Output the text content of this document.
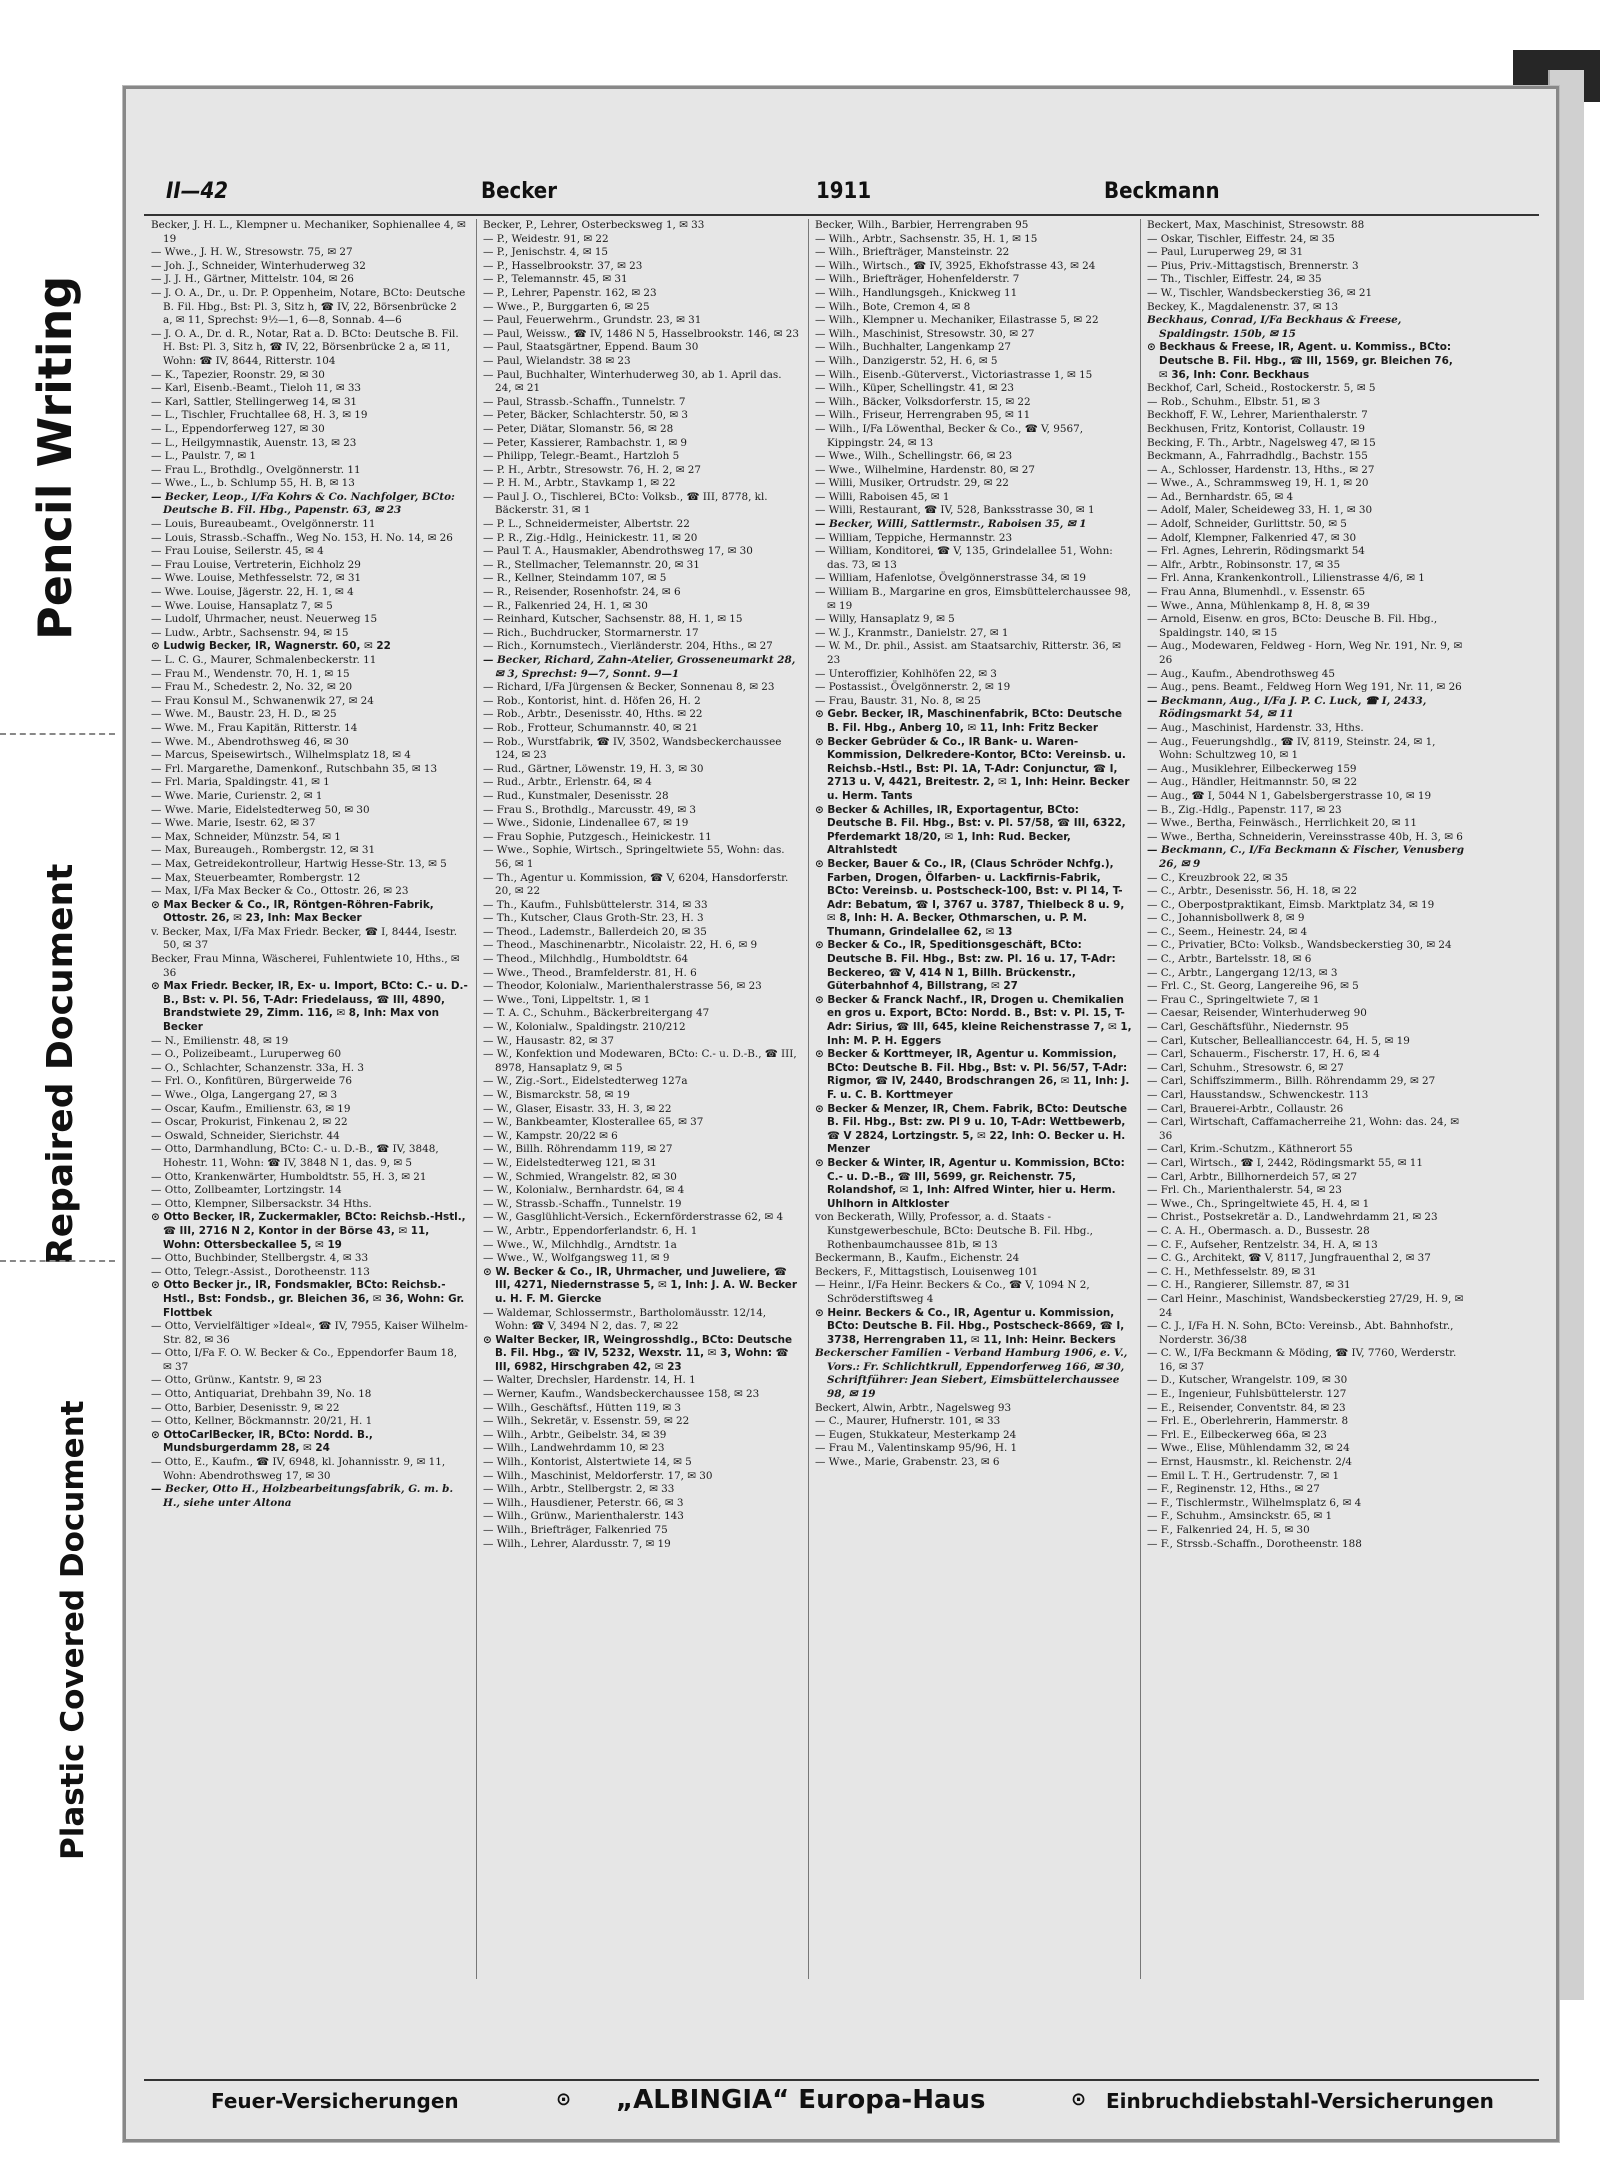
Pencil Writing
Repaired Document
Plastic Covered Document
II—42	Becker	1911	Beckmann

Becker, J. H. L., Klempner u. Mechaniker, Sophienallee 4, ✉ 19

— Wwe., J. H. W., Stresowstr. 75, ✉ 27

— Joh. J., Schneider, Winterhuderweg 32

— J. J. H., Gärtner, Mittelstr. 104, ✉ 26

— J. O. A., Dr., u. Dr. P. Oppenheim, Notare, BCto: Deutsche B. Fil. Hbg., Bst: Pl. 3, Sitz h, ☎ IV, 22, Börsenbrücke 2 a, ✉ 11, Sprechst: 9½—1, 6—8, Sonnab. 4—6

— J. O. A., Dr. d. R., Notar, Rat a. D. BCto: Deutsche B. Fil. H. Bst: Pl. 3, Sitz h, ☎ IV, 22, Börsenbrücke 2 a, ✉ 11, Wohn: ☎ IV, 8644, Ritterstr. 104

— K., Tapezier, Roonstr. 29, ✉ 30

— Karl, Eisenb.-Beamt., Tieloh 11, ✉ 33

— Karl, Sattler, Stellingerweg 14, ✉ 31

— L., Tischler, Fruchtallee 68, H. 3, ✉ 19

— L., Eppendorferweg 127, ✉ 30

— L., Heilgymnastik, Auenstr. 13, ✉ 23

— L., Paulstr. 7, ✉ 1

— Frau L., Brothdlg., Ovelgönnerstr. 11

— Wwe., L., b. Schlump 55, H. B, ✉ 13

— Becker, Leop., I/Fa Kohrs & Co. Nachfolger, BCto: Deutsche B. Fil. Hbg., Papenstr. 63, ✉ 23

— Louis, Bureaubeamt., Ovelgönnerstr. 11

— Louis, Strassb.-Schaffn., Weg No. 153, H. No. 14, ✉ 26

— Frau Louise, Seilerstr. 45, ✉ 4

— Frau Louise, Vertreterin, Eichholz 29

— Wwe. Louise, Methfesselstr. 72, ✉ 31

— Wwe. Louise, Jägerstr. 22, H. 1, ✉ 4

— Wwe. Louise, Hansaplatz 7, ✉ 5

— Ludolf, Uhrmacher, neust. Neuerweg 15

— Ludw., Arbtr., Sachsenstr. 94, ✉ 15

⊙ Ludwig Becker, IR, Wagnerstr. 60, ✉ 22

— L. C. G., Maurer, Schmalenbeckerstr. 11

— Frau M., Wendenstr. 70, H. 1, ✉ 15

— Frau M., Schedestr. 2, No. 32, ✉ 20

— Frau Konsul M., Schwanenwik 27, ✉ 24

— Wwe. M., Baustr. 23, H. D., ✉ 25

— Wwe. M., Frau Kapitän, Ritterstr. 14

— Wwe. M., Abendrothsweg 46, ✉ 30

— Marcus, Speisewirtsch., Wilhelmsplatz 18, ✉ 4

— Frl. Margarethe, Damenkonf., Rutschbahn 35, ✉ 13

— Frl. Maria, Spaldingstr. 41, ✉ 1

— Wwe. Marie, Curienstr. 2, ✉ 1

— Wwe. Marie, Eidelstedterweg 50, ✉ 30

— Wwe. Marie, Isestr. 62, ✉ 37

— Max, Schneider, Münzstr. 54, ✉ 1

— Max, Bureaugeh., Rombergstr. 12, ✉ 31

— Max, Getreidekontrolleur, Hartwig Hesse-Str. 13, ✉ 5

— Max, Steuerbeamter, Rombergstr. 12

— Max, I/Fa Max Becker & Co., Ottostr. 26, ✉ 23

⊙ Max Becker & Co., IR, Röntgen-Röhren-Fabrik, Ottostr. 26, ✉ 23, Inh: Max Becker

v. Becker, Max, I/Fa Max Friedr. Becker, ☎ I, 8444, Isestr. 50, ✉ 37

Becker, Frau Minna, Wäscherei, Fuhlentwiete 10, Hths., ✉ 36

⊙ Max Friedr. Becker, IR, Ex- u. Import, BCto: C.- u. D.-B., Bst: v. Pl. 56, T-Adr: Friedelauss, ☎ III, 4890, Brandstwiete 29, Zimm. 116, ✉ 8, Inh: Max von Becker

— N., Emilienstr. 48, ✉ 19

— O., Polizeibeamt., Luruperweg 60

— O., Schlachter, Schanzenstr. 33a, H. 3

— Frl. O., Konfitüren, Bürgerweide 76

— Wwe., Olga, Langergang 27, ✉ 3

— Oscar, Kaufm., Emilienstr. 63, ✉ 19

— Oscar, Prokurist, Finkenau 2, ✉ 22

— Oswald, Schneider, Sierichstr. 44

— Otto, Darmhandlung, BCto: C.- u. D.-B., ☎ IV, 3848, Hohestr. 11, Wohn: ☎ IV, 3848 N 1, das. 9, ✉ 5

— Otto, Krankenwärter, Humboldtstr. 55, H. 3, ✉ 21

— Otto, Zollbeamter, Lortzingstr. 14

— Otto, Klempner, Silbersackstr. 34 Hths.

⊙ Otto Becker, IR, Zuckermakler, BCto: Reichsb.-Hstl., ☎ III, 2716 N 2, Kontor in der Börse 43, ✉ 11, Wohn: Ottersbeckallee 5, ✉ 19

— Otto, Buchbinder, Stellbergstr. 4, ✉ 33

— Otto, Telegr.-Assist., Dorotheenstr. 113

⊙ Otto Becker jr., IR, Fondsmakler, BCto: Reichsb.-Hstl., Bst: Fondsb., gr. Bleichen 36, ✉ 36, Wohn: Gr. Flottbek

— Otto, Vervielfältiger »Ideal«, ☎ IV, 7955, Kaiser Wilhelm-Str. 82, ✉ 36

— Otto, I/Fa F. O. W. Becker & Co., Eppendorfer Baum 18, ✉ 37

— Otto, Grünw., Kantstr. 9, ✉ 23

— Otto, Antiquariat, Drehbahn 39, No. 18

— Otto, Barbier, Desenisstr. 9, ✉ 22

— Otto, Kellner, Böckmannstr. 20/21, H. 1

⊙ OttoCarlBecker, IR, BCto: Nordd. B., Mundsburgerdamm 28, ✉ 24

— Otto, E., Kaufm., ☎ IV, 6948, kl. Johannisstr. 9, ✉ 11, Wohn: Abendrothsweg 17, ✉ 30

— Becker, Otto H., Holzbearbeitungsfabrik, G. m. b. H., siehe unter Altona

Becker, P., Lehrer, Osterbecksweg 1, ✉ 33

— P., Weidestr. 91, ✉ 22

— P., Jenischstr. 4, ✉ 15

— P., Hasselbrookstr. 37, ✉ 23

— P., Telemannstr. 45, ✉ 31

— P., Lehrer, Papenstr. 162, ✉ 23

— Wwe., P., Burggarten 6, ✉ 25

— Paul, Feuerwehrm., Grundstr. 23, ✉ 31

— Paul, Weissw., ☎ IV, 1486 N 5, Hasselbrookstr. 146, ✉ 23

— Paul, Staatsgärtner, Eppend. Baum 30

— Paul, Wielandstr. 38 ✉ 23

— Paul, Buchhalter, Winterhuderweg 30, ab 1. April das. 24, ✉ 21

— Paul, Strassb.-Schaffn., Tunnelstr. 7

— Peter, Bäcker, Schlachterstr. 50, ✉ 3

— Peter, Diätar, Slomanstr. 56, ✉ 28

— Peter, Kassierer, Rambachstr. 1, ✉ 9

— Philipp, Telegr.-Beamt., Hartzloh 5

— P. H., Arbtr., Stresowstr. 76, H. 2, ✉ 27

— P. H. M., Arbtr., Stavkamp 1, ✉ 22

— Paul J. O., Tischlerei, BCto: Volksb., ☎ III, 8778, kl. Bäckerstr. 31, ✉ 1

— P. L., Schneidermeister, Albertstr. 22

— P. R., Zig.-Hdlg., Heinickestr. 11, ✉ 20

— Paul T. A., Hausmakler, Abendrothsweg 17, ✉ 30

— R., Stellmacher, Telemannstr. 20, ✉ 31

— R., Kellner, Steindamm 107, ✉ 5

— R., Reisender, Rosenhofstr. 24, ✉ 6

— R., Falkenried 24, H. 1, ✉ 30

— Reinhard, Kutscher, Sachsenstr. 88, H. 1, ✉ 15

— Rich., Buchdrucker, Stormarnerstr. 17

— Rich., Kornumstech., Vierländerstr. 204, Hths., ✉ 27

— Becker, Richard, Zahn-Atelier, Grosseneumarkt 28, ✉ 3, Sprechst: 9—7, Sonnt. 9—1

— Richard, I/Fa Jürgensen & Becker, Sonnenau 8, ✉ 23

— Rob., Kontorist, hint. d. Höfen 26, H. 2

— Rob., Arbtr., Desenisstr. 40, Hths. ✉ 22

— Rob., Frotteur, Schumannstr. 40, ✉ 21

— Rob., Wurstfabrik, ☎ IV, 3502, Wandsbeckerchaussee 124, ✉ 23

— Rud., Gärtner, Löwenstr. 19, H. 3, ✉ 30

— Rud., Arbtr., Erlenstr. 64, ✉ 4

— Rud., Kunstmaler, Desenisstr. 28

— Frau S., Brothdlg., Marcusstr. 49, ✉ 3

— Wwe., Sidonie, Lindenallee 67, ✉ 19

— Frau Sophie, Putzgesch., Heinickestr. 11

— Wwe., Sophie, Wirtsch., Springeltwiete 55, Wohn: das. 56, ✉ 1

— Th., Agentur u. Kommission, ☎ V, 6204, Hansdorferstr. 20, ✉ 22

— Th., Kaufm., Fuhlsbüttelerstr. 314, ✉ 33

— Th., Kutscher, Claus Groth-Str. 23, H. 3

— Theod., Lademstr., Ballerdeich 20, ✉ 35

— Theod., Maschinenarbtr., Nicolaistr. 22, H. 6, ✉ 9

— Theod., Milchhdlg., Humboldtstr. 64

— Wwe., Theod., Bramfelderstr. 81, H. 6

— Theodor, Kolonialw., Marienthalerstrasse 56, ✉ 23

— Wwe., Toni, Lippeltstr. 1, ✉ 1

— T. A. C., Schuhm., Bäckerbreitergang 47

— W., Kolonialw., Spaldingstr. 210/212

— W., Hausastr. 82, ✉ 37

— W., Konfektion und Modewaren, BCto: C.- u. D.-B., ☎ III, 8978, Hansaplatz 9, ✉ 5

— W., Zig.-Sort., Eidelstedterweg 127a

— W., Bismarckstr. 58, ✉ 19

— W., Glaser, Eisastr. 33, H. 3, ✉ 22

— W., Bankbeamter, Klosterallee 65, ✉ 37

— W., Kampstr. 20/22 ✉ 6

— W., Billh. Röhrendamm 119, ✉ 27

— W., Eidelstedterweg 121, ✉ 31

— W., Schmied, Wrangelstr. 82, ✉ 30

— W., Kolonialw., Bernhardstr. 64, ✉ 4

— W., Strassb.-Schaffn., Tunnelstr. 19

— W., Gasglühlicht-Versich., Eckernförderstrasse 62, ✉ 4

— W., Arbtr., Eppendorferlandstr. 6, H. 1

— Wwe., W., Milchhdlg., Arndtstr. 1a

— Wwe., W., Wolfgangsweg 11, ✉ 9

⊙ W. Becker & Co., IR, Uhrmacher, und Juweliere, ☎ III, 4271, Niedernstrasse 5, ✉ 1, Inh: J. A. W. Becker u. H. F. M. Giercke

— Waldemar, Schlossermstr., Bartholomäusstr. 12/14, Wohn: ☎ V, 3494 N 2, das. 7, ✉ 22

⊙ Walter Becker, IR, Weingrosshdlg., BCto: Deutsche B. Fil. Hbg., ☎ IV, 5232, Wexstr. 11, ✉ 3, Wohn: ☎ III, 6982, Hirschgraben 42, ✉ 23

— Walter, Drechsler, Hardenstr. 14, H. 1

— Werner, Kaufm., Wandsbeckerchaussee 158, ✉ 23

— Wilh., Geschäftsf., Hütten 119, ✉ 3

— Wilh., Sekretär, v. Essenstr. 59, ✉ 22

— Wilh., Arbtr., Geibelstr. 34, ✉ 39

— Wilh., Landwehrdamm 10, ✉ 23

— Wilh., Kontorist, Alstertwiete 14, ✉ 5

— Wilh., Maschinist, Meldorferstr. 17, ✉ 30

— Wilh., Arbtr., Stellbergstr. 2, ✉ 33

— Wilh., Hausdiener, Peterstr. 66, ✉ 3

— Wilh., Grünw., Marienthalerstr. 143

— Wilh., Briefträger, Falkenried 75

— Wilh., Lehrer, Alardusstr. 7, ✉ 19

Becker, Wilh., Barbier, Herrengraben 95

— Wilh., Arbtr., Sachsenstr. 35, H. 1, ✉ 15

— Wilh., Briefträger, Mansteinstr. 22

— Wilh., Wirtsch., ☎ IV, 3925, Ekhofstrasse 43, ✉ 24

— Wilh., Briefträger, Hohenfelderstr. 7

— Wilh., Handlungsgeh., Knickweg 11

— Wilh., Bote, Cremon 4, ✉ 8

— Wilh., Klempner u. Mechaniker, Eilastrasse 5, ✉ 22

— Wilh., Maschinist, Stresowstr. 30, ✉ 27

— Wilh., Buchhalter, Langenkamp 27

— Wilh., Danzigerstr. 52, H. 6, ✉ 5

— Wilh., Eisenb.-Güterverst., Victoriastrasse 1, ✉ 15

— Wilh., Küper, Schellingstr. 41, ✉ 23

— Wilh., Bäcker, Volksdorferstr. 15, ✉ 22

— Wilh., Friseur, Herrengraben 95, ✉ 11

— Wilh., I/Fa Löwenthal, Becker & Co., ☎ V, 9567, Kippingstr. 24, ✉ 13

— Wwe., Wilh., Schellingstr. 66, ✉ 23

— Wwe., Wilhelmine, Hardenstr. 80, ✉ 27

— Willi, Musiker, Ortrudstr. 29, ✉ 22

— Willi, Raboisen 45, ✉ 1

— Willi, Restaurant, ☎ IV, 528, Banksstrasse 30, ✉ 1

— Becker, Willi, Sattlermstr., Raboisen 35, ✉ 1

— William, Teppiche, Hermannstr. 23

— William, Konditorei, ☎ V, 135, Grindelallee 51, Wohn: das. 73, ✉ 13

— William, Hafenlotse, Övelgönnerstrasse 34, ✉ 19

— William B., Margarine en gros, Eimsbüttelerchaussee 98, ✉ 19

— Willy, Hansaplatz 9, ✉ 5

— W. J., Kranmstr., Danielstr. 27, ✉ 1

— W. M., Dr. phil., Assist. am Staatsarchiv, Ritterstr. 36, ✉ 23

— Unteroffizier, Kohlhöfen 22, ✉ 3

— Postassist., Övelgönnerstr. 2, ✉ 19

— Frau, Baustr. 31, No. 8, ✉ 25

⊙ Gebr. Becker, IR, Maschinenfabrik, BCto: Deutsche B. Fil. Hbg., Anberg 10, ✉ 11, Inh: Fritz Becker

⊙ Becker Gebrüder & Co., IR Bank- u. Waren-Kommission, Delkredere-Kontor, BCto: Vereinsb. u. Reichsb.-Hstl., Bst: Pl. 1A, T-Adr: Conjunctur, ☎ I, 2713 u. V, 4421, Breitestr. 2, ✉ 1, Inh: Heinr. Becker u. Herm. Tants

⊙ Becker & Achilles, IR, Exportagentur, BCto: Deutsche B. Fil. Hbg., Bst: v. Pl. 57/58, ☎ III, 6322, Pferdemarkt 18/20, ✉ 1, Inh: Rud. Becker, Altrahlstedt

⊙ Becker, Bauer & Co., IR, (Claus Schröder Nchfg.), Farben, Drogen, Ölfarben- u. Lackfirnis-Fabrik, BCto: Vereinsb. u. Postscheck-100, Bst: v. Pl 14, T-Adr: Bebatum, ☎ I, 3767 u. 3787, Thielbeck 8 u. 9, ✉ 8, Inh: H. A. Becker, Othmarschen, u. P. M. Thumann, Grindelallee 62, ✉ 13

⊙ Becker & Co., IR, Speditionsgeschäft, BCto: Deutsche B. Fil. Hbg., Bst: zw. Pl. 16 u. 17, T-Adr: Beckereo, ☎ V, 414 N 1, Billh. Brückenstr., Güterbahnhof 4, Billstrang, ✉ 27

⊙ Becker & Franck Nachf., IR, Drogen u. Chemikalien en gros u. Export, BCto: Nordd. B., Bst: v. Pl. 15, T-Adr: Sirius, ☎ III, 645, kleine Reichenstrasse 7, ✉ 1, Inh: M. P. H. Eggers

⊙ Becker & Korttmeyer, IR, Agentur u. Kommission, BCto: Deutsche B. Fil. Hbg., Bst: v. Pl. 56/57, T-Adr: Rigmor, ☎ IV, 2440, Brodschrangen 26, ✉ 11, Inh: J. F. u. C. B. Korttmeyer

⊙ Becker & Menzer, IR, Chem. Fabrik, BCto: Deutsche B. Fil. Hbg., Bst: zw. Pl 9 u. 10, T-Adr: Wettbewerb, ☎ V 2824, Lortzingstr. 5, ✉ 22, Inh: O. Becker u. H. Menzer

⊙ Becker & Winter, IR, Agentur u. Kommission, BCto: C.- u. D.-B., ☎ III, 5699, gr. Reichenstr. 75, Rolandshof, ✉ 1, Inh: Alfred Winter, hier u. Herm. Uhlhorn in Altkloster

von Beckerath, Willy, Professor, a. d. Staats - Kunstgewerbeschule, BCto: Deutsche B. Fil. Hbg., Rothenbaumchaussee 81b, ✉ 13

Beckermann, B., Kaufm., Eichenstr. 24

Beckers, F., Mittagstisch, Louisenweg 101

— Heinr., I/Fa Heinr. Beckers & Co., ☎ V, 1094 N 2, Schröderstiftsweg 4

⊙ Heinr. Beckers & Co., IR, Agentur u. Kommission, BCto: Deutsche B. Fil. Hbg., Postscheck-8669, ☎ I, 3738, Herrengraben 11, ✉ 11, Inh: Heinr. Beckers

Beckerscher Familien - Verband Hamburg 1906, e. V., Vors.: Fr. Schlichtkrull, Eppendorferweg 166, ✉ 30, Schriftführer: Jean Siebert, Eimsbüttelerchaussee 98, ✉ 19

Beckert, Alwin, Arbtr., Nagelsweg 93

— C., Maurer, Hufnerstr. 101, ✉ 33

— Eugen, Stukkateur, Mesterkamp 24

— Frau M., Valentinskamp 95/96, H. 1

— Wwe., Marie, Grabenstr. 23, ✉ 6

Beckert, Max, Maschinist, Stresowstr. 88

— Oskar, Tischler, Eiffestr. 24, ✉ 35

— Paul, Luruperweg 29, ✉ 31

— Pius, Priv.-Mittagstisch, Brennerstr. 3

— Th., Tischler, Eiffestr. 24, ✉ 35

— W., Tischler, Wandsbeckerstieg 36, ✉ 21

Beckey, K., Magdalenenstr. 37, ✉ 13

Beckhaus, Conrad, I/Fa Beckhaus & Freese, Spaldingstr. 150b, ✉ 15

⊙ Beckhaus & Freese, IR, Agent. u. Kommiss., BCto: Deutsche B. Fil. Hbg., ☎ III, 1569, gr. Bleichen 76, ✉ 36, Inh: Conr. Beckhaus

Beckhof, Carl, Scheid., Rostockerstr. 5, ✉ 5

— Rob., Schuhm., Elbstr. 51, ✉ 3

Beckhoff, F. W., Lehrer, Marienthalerstr. 7

Beckhusen, Fritz, Kontorist, Collaustr. 19

Becking, F. Th., Arbtr., Nagelsweg 47, ✉ 15

Beckmann, A., Fahrradhdlg., Bachstr. 155

— A., Schlosser, Hardenstr. 13, Hths., ✉ 27

— Wwe., A., Schrammsweg 19, H. 1, ✉ 20

— Ad., Bernhardstr. 65, ✉ 4

— Adolf, Maler, Scheideweg 33, H. 1, ✉ 30

— Adolf, Schneider, Gurlittstr. 50, ✉ 5

— Adolf, Klempner, Falkenried 47, ✉ 30

— Frl. Agnes, Lehrerin, Rödingsmarkt 54

— Alfr., Arbtr., Robinsonstr. 17, ✉ 35

— Frl. Anna, Krankenkontroll., Lilienstrasse 4/6, ✉ 1

— Frau Anna, Blumenhdl., v. Essenstr. 65

— Wwe., Anna, Mühlenkamp 8, H. 8, ✉ 39

— Arnold, Eisenw. en gros, BCto: Deusche B. Fil. Hbg., Spaldingstr. 140, ✉ 15

— Aug., Modewaren, Feldweg - Horn, Weg Nr. 191, Nr. 9, ✉ 26

— Aug., Kaufm., Abendrothsweg 45

— Aug., pens. Beamt., Feldweg Horn Weg 191, Nr. 11, ✉ 26

— Beckmann, Aug., I/Fa J. P. C. Luck, ☎ I, 2433, Rödingsmarkt 54, ✉ 11

— Aug., Maschinist, Hardenstr. 33, Hths.

— Aug., Feuerungshdlg., ☎ IV, 8119, Steinstr. 24, ✉ 1, Wohn: Schultzweg 10, ✉ 1

— Aug., Musiklehrer, Eilbeckerweg 159

— Aug., Händler, Heitmannstr. 50, ✉ 22

— Aug., ☎ I, 5044 N 1, Gabelsbergerstrasse 10, ✉ 19

— B., Zig.-Hdlg., Papenstr. 117, ✉ 23

— Wwe., Bertha, Feinwäsch., Herrlichkeit 20, ✉ 11

— Wwe., Bertha, Schneiderin, Vereinsstrasse 40b, H. 3, ✉ 6

— Beckmann, C., I/Fa Beckmann & Fischer, Venusberg 26, ✉ 9

— C., Kreuzbrook 22, ✉ 35

— C., Arbtr., Desenisstr. 56, H. 18, ✉ 22

— C., Oberpostpraktikant, Eimsb. Marktplatz 34, ✉ 19

— C., Johannisbollwerk 8, ✉ 9

— C., Seem., Heinestr. 24, ✉ 4

— C., Privatier, BCto: Volksb., Wandsbeckerstieg 30, ✉ 24

— C., Arbtr., Bartelsstr. 18, ✉ 6

— C., Arbtr., Langergang 12/13, ✉ 3

— Frl. C., St. Georg, Langereihe 96, ✉ 5

— Frau C., Springeltwiete 7, ✉ 1

— Caesar, Reisender, Winterhuderweg 90

— Carl, Geschäftsführ., Niedernstr. 95

— Carl, Kutscher, Belleallianccestr. 64, H. 5, ✉ 19

— Carl, Schauerm., Fischerstr. 17, H. 6, ✉ 4

— Carl, Schuhm., Stresowstr. 6, ✉ 27

— Carl, Schiffszimmerm., Billh. Röhrendamm 29, ✉ 27

— Carl, Hausstandsw., Schwenckestr. 113

— Carl, Brauerei-Arbtr., Collaustr. 26

— Carl, Wirtschaft, Caffamacherreihe 21, Wohn: das. 24, ✉ 36

— Carl, Krim.-Schutzm., Käthnerort 55

— Carl, Wirtsch., ☎ I, 2442, Rödingsmarkt 55, ✉ 11

— Carl, Arbtr., Billhornerdeich 57, ✉ 27

— Frl. Ch., Marienthalerstr. 54, ✉ 23

— Wwe., Ch., Springeltwiete 45, H. 4, ✉ 1

— Christ., Postsekretär a. D., Landwehrdamm 21, ✉ 23

— C. A. H., Obermasch. a. D., Bussestr. 28

— C. F., Aufseher, Rentzelstr. 34, H. A, ✉ 13

— C. G., Architekt, ☎ V, 8117, Jungfrauenthal 2, ✉ 37

— C. H., Methfesselstr. 89, ✉ 31

— C. H., Rangierer, Sillemstr. 87, ✉ 31

— Carl Heinr., Maschinist, Wandsbeckerstieg 27/29, H. 9, ✉ 24

— C. J., I/Fa H. N. Sohn, BCto: Vereinsb., Abt. Bahnhofstr., Norderstr. 36/38

— C. W., I/Fa Beckmann & Möding, ☎ IV, 7760, Werderstr. 16, ✉ 37

— D., Kutscher, Wrangelstr. 109, ✉ 30

— E., Ingenieur, Fuhlsbüttelerstr. 127

— E., Reisender, Conventstr. 84, ✉ 23

— Frl. E., Oberlehrerin, Hammerstr. 8

— Frl. E., Eilbeckerweg 66a, ✉ 23

— Wwe., Elise, Mühlendamm 32, ✉ 24

— Ernst, Hausmstr., kl. Reichenstr. 2/4

— Emil L. T. H., Gertrudenstr. 7, ✉ 1

— F., Reginenstr. 12, Hths., ✉ 27

— F., Tischlermstr., Wilhelmsplatz 6, ✉ 4

— F., Schuhm., Amsinckstr. 65, ✉ 1

— F., Falkenried 24, H. 5, ✉ 30

— F., Strssb.-Schaffn., Dorotheenstr. 188

Feuer-Versicherungen	⊙ „ALBINGIA“ Europa-Haus	⊙ Einbruchdiebstahl-Versicherungen
